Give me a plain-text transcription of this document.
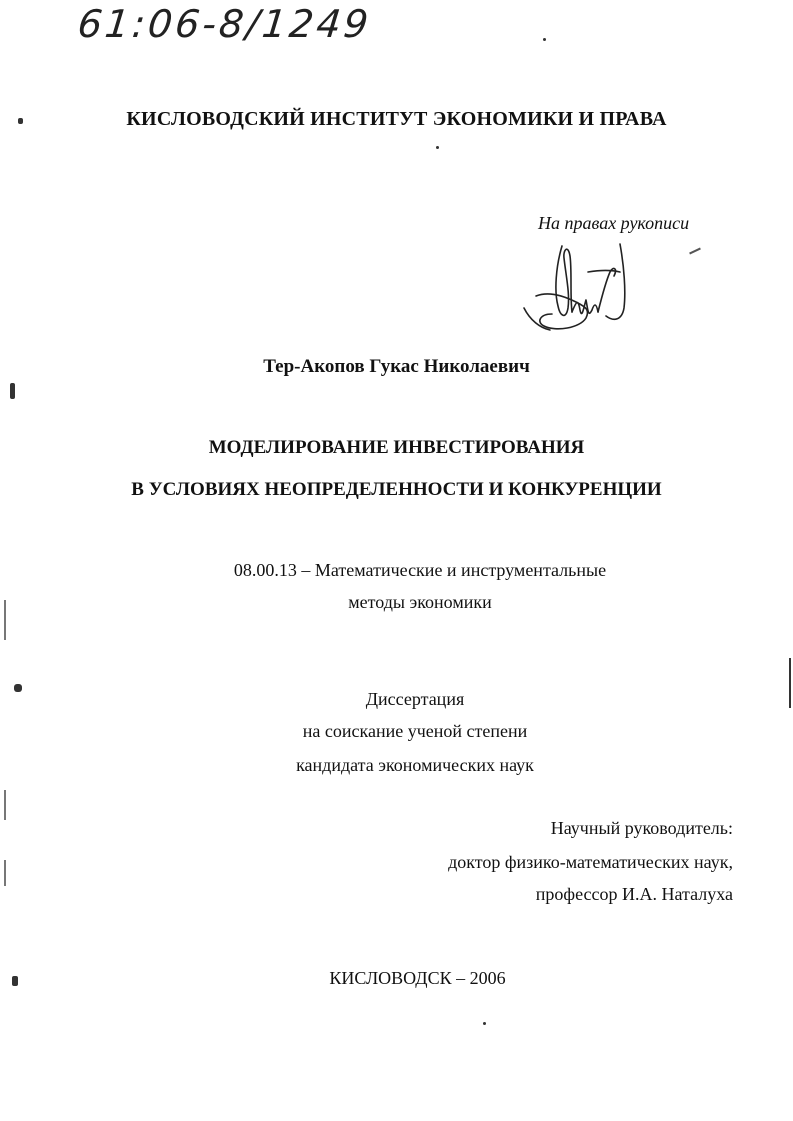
61:06-8/1249
КИСЛОВОДСКИЙ ИНСТИТУТ ЭКОНОМИКИ И ПРАВА
На правах рукописи
Тер-Акопов Гукас Николаевич
МОДЕЛИРОВАНИЕ ИНВЕСТИРОВАНИЯ
В УСЛОВИЯХ НЕОПРЕДЕЛЕННОСТИ И КОНКУРЕНЦИИ
08.00.13 – Математические и инструментальные
методы экономики
Диссертация
на соискание ученой степени
кандидата экономических наук
Научный руководитель:
доктор физико-математических наук,
профессор И.А. Наталуха
КИСЛОВОДСК – 2006
